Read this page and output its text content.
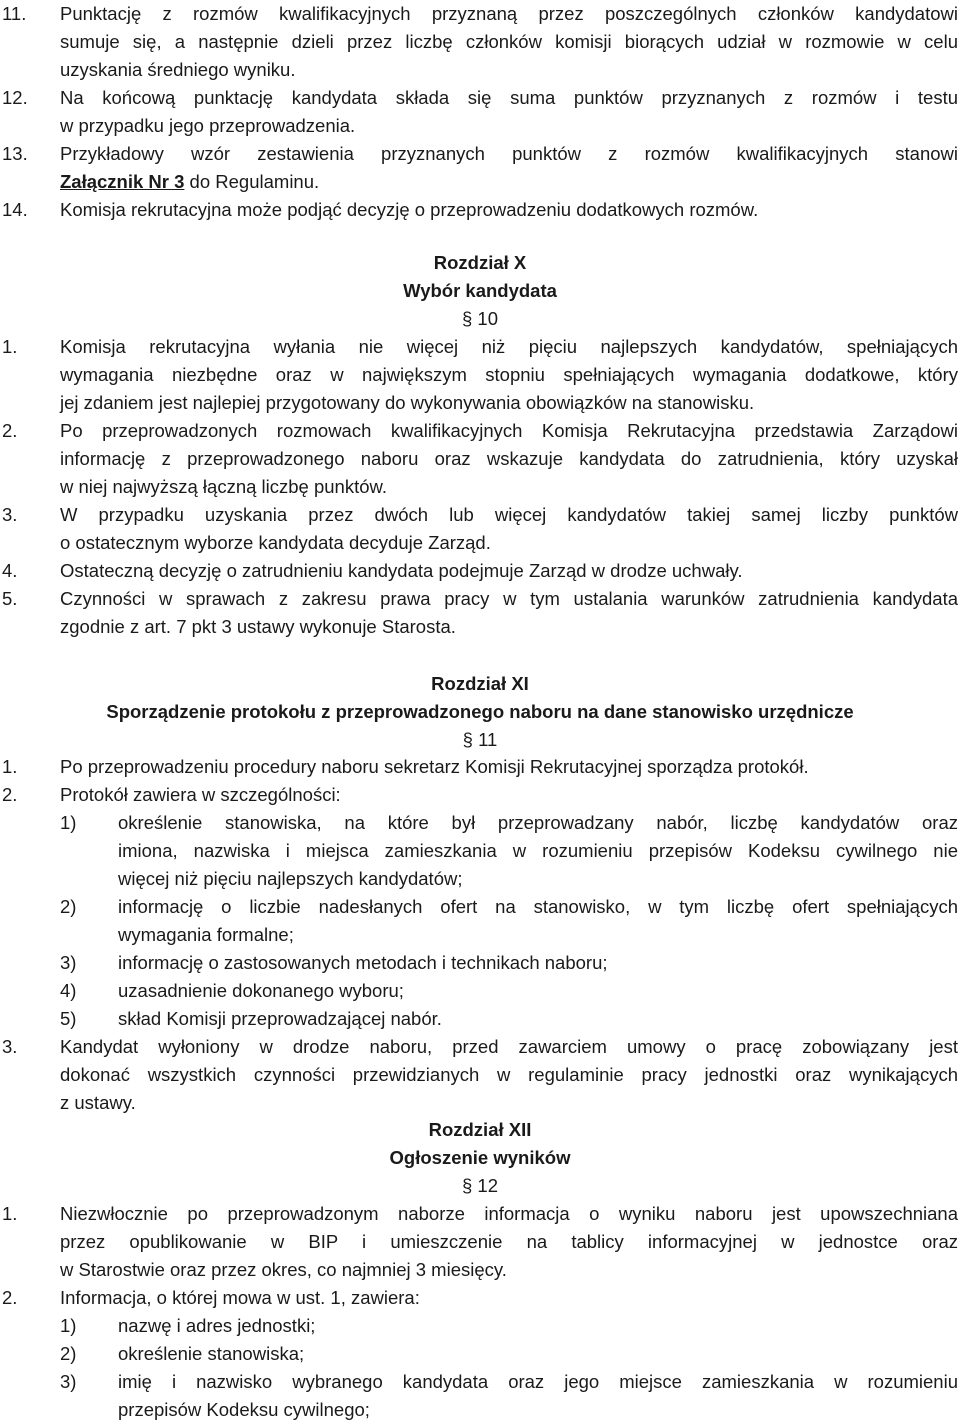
11. Punktację z rozmów kwalifikacyjnych przyznaną przez poszczególnych członków kandydatowi
sumuje się, a następnie dzieli przez liczbę członków komisji biorących udział w rozmowie w celu
uzyskania średniego wyniku.
12. Na końcową punktację kandydata składa się suma punktów przyznanych z rozmów i testu
w przypadku jego przeprowadzenia.
13. Przykładowy wzór zestawienia przyznanych punktów z rozmów kwalifikacyjnych stanowi
Załącznik Nr 3 do Regulaminu.
14. Komisja rekrutacyjna może podjąć decyzję o przeprowadzeniu dodatkowych rozmów.
Rozdział X
Wybór kandydata
§ 10
1. Komisja rekrutacyjna wyłania nie więcej niż pięciu najlepszych kandydatów, spełniających
wymagania niezbędne oraz w największym stopniu spełniających wymagania dodatkowe, który
jej zdaniem jest najlepiej przygotowany do wykonywania obowiązków na stanowisku.
2. Po przeprowadzonych rozmowach kwalifikacyjnych Komisja Rekrutacyjna przedstawia Zarządowi
informację z przeprowadzonego naboru oraz wskazuje kandydata do zatrudnienia, który uzyskał
w niej najwyższą łączną liczbę punktów.
3. W przypadku uzyskania przez dwóch lub więcej kandydatów takiej samej liczby punktów
o ostatecznym wyborze kandydata decyduje Zarząd.
4. Ostateczną decyzję o zatrudnieniu kandydata podejmuje Zarząd w drodze uchwały.
5. Czynności w sprawach z zakresu prawa pracy w tym ustalania warunków zatrudnienia kandydata
zgodnie z art. 7 pkt 3 ustawy wykonuje Starosta.
Rozdział XI
Sporządzenie protokołu z przeprowadzonego naboru na dane stanowisko urzędnicze
§ 11
1. Po przeprowadzeniu procedury naboru sekretarz Komisji Rekrutacyjnej sporządza protokół.
2. Protokół zawiera w szczególności:
1) określenie stanowiska, na które był przeprowadzany nabór, liczbę kandydatów oraz
imiona, nazwiska i miejsca zamieszkania w rozumieniu przepisów Kodeksu cywilnego nie
więcej niż pięciu najlepszych kandydatów;
2) informację o liczbie nadesłanych ofert na stanowisko, w tym liczbę ofert spełniających
wymagania formalne;
3) informację o zastosowanych metodach i technikach naboru;
4) uzasadnienie dokonanego wyboru;
5) skład Komisji przeprowadzającej nabór.
3. Kandydat wyłoniony w drodze naboru, przed zawarciem umowy o pracę zobowiązany jest
dokonać wszystkich czynności przewidzianych w regulaminie pracy jednostki oraz wynikających
z ustawy.
Rozdział XII
Ogłoszenie wyników
§ 12
1. Niezwłocznie po przeprowadzonym naborze informacja o wyniku naboru jest upowszechniana
przez opublikowanie w BIP i umieszczenie na tablicy informacyjnej w jednostce oraz
w Starostwie oraz przez okres, co najmniej 3 miesięcy.
2. Informacja, o której mowa w ust. 1, zawiera:
1) nazwę i adres jednostki;
2) określenie stanowiska;
3) imię i nazwisko wybranego kandydata oraz jego miejsce zamieszkania w rozumieniu
przepisów Kodeksu cywilnego;
